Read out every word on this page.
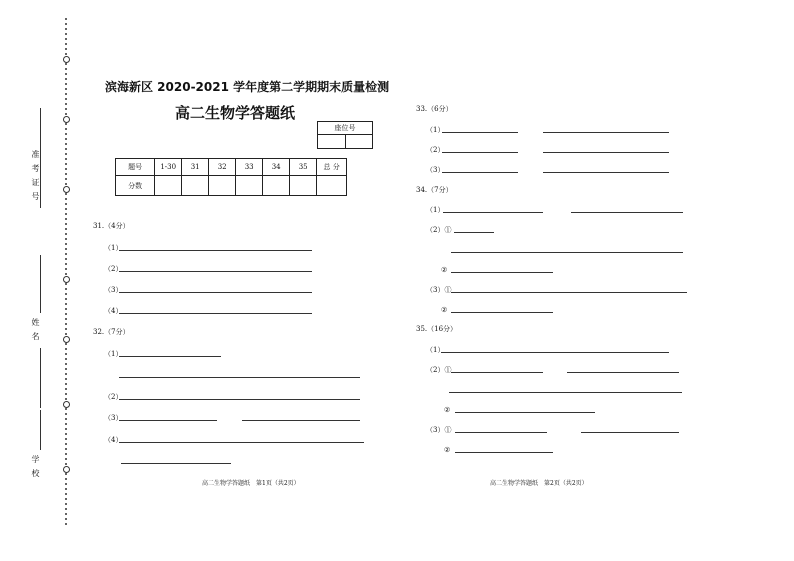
准考证号
姓名
学校
滨海新区 2020-2021 学年度第二学期期末质量检测
高二生物学答题纸
座位号

题号	1-30	31	32	33	34	35	总 分
分数							
31.（4分）
（1）
（2）
（3）
（4）
32.（7分）
（1）
（2）
（3）
（4）
高二生物学答题纸　第1页（共2页）
33.（6分）
（1）
（2）
（3）
34.（7分）
（1）
（2）①
②
（3）①
②
35.（16分）
（1）
（2）①
②
（3）①
②
高二生物学答题纸　第2页（共2页）
